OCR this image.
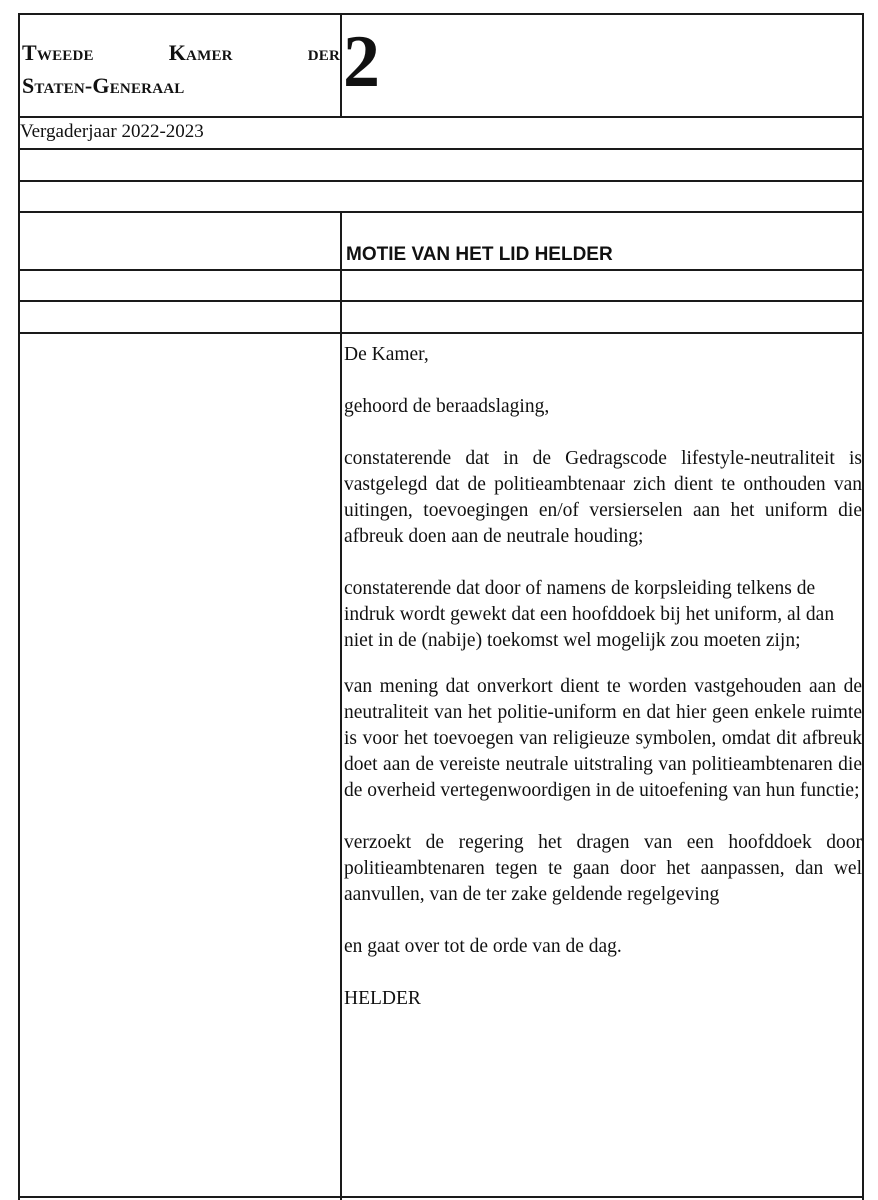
Tweede Kamer der
Staten-Generaal	2
Vergaderjaar 2022-2023
MOTIE VAN HET LID HELDER

De Kamer,

gehoord de beraadslaging,

constaterende dat in de Gedragscode lifestyle-neutraliteit is vastgelegd dat de politieambtenaar zich dient te onthouden van uitingen, toevoegingen en/of versierselen aan het uniform die afbreuk doen aan de neutrale houding;

constaterende dat door of namens de korpsleiding telkens de indruk wordt gewekt dat een hoofddoek bij het uniform, al dan niet in de (nabije) toekomst wel mogelijk zou moeten zijn;

van mening dat onverkort dient te worden vastgehouden aan de neutraliteit van het politie-uniform en dat hier geen enkele ruimte is voor het toevoegen van religieuze symbolen, omdat dit afbreuk doet aan de vereiste neutrale uitstraling van politieambtenaren die de overheid vertegenwoordigen in de uitoefening van hun functie;

verzoekt de regering het dragen van een hoofddoek door politieambtenaren tegen te gaan door het aanpassen, dan wel aanvullen, van de ter zake geldende regelgeving

en gaat over tot de orde van de dag.

HELDER
